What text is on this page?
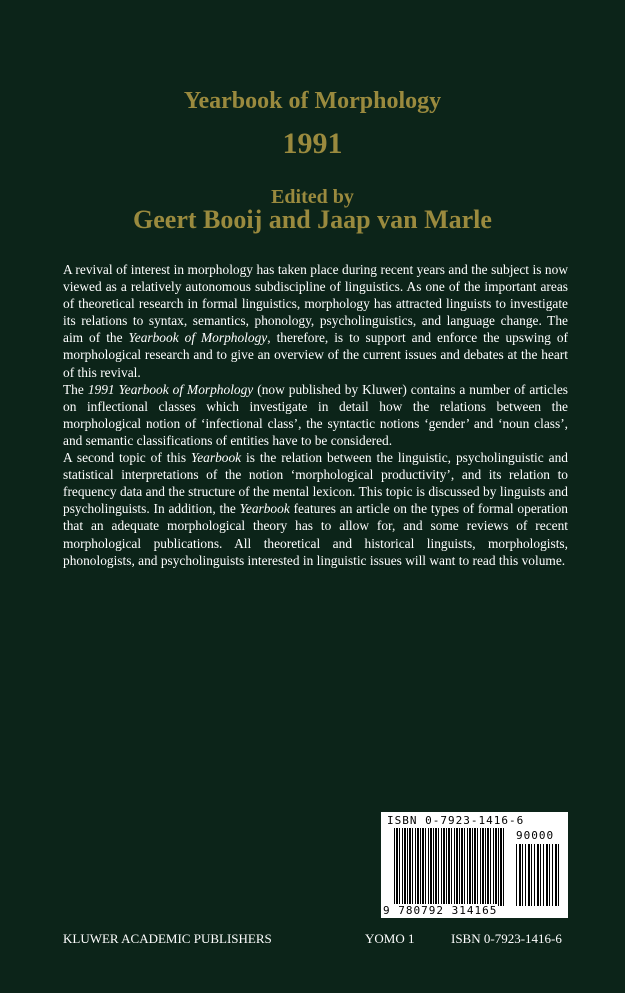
Yearbook of Morphology
1991
Edited by
Geert Booij and Jaap van Marle

A revival of interest in morphology has taken place during recent years and the subject is now viewed as a relatively autonomous subdiscipline of linguistics. As one of the important areas of theoretical research in formal linguistics, morphology has attracted linguists to investigate its relations to syntax, semantics, phonology, psycholinguistics, and language change. The aim of the Yearbook of Morphology, therefore, is to support and enforce the upswing of morphological research and to give an overview of the current issues and debates at the heart of this revival.

The 1991 Yearbook of Morphology (now published by Kluwer) contains a number of articles on inflectional classes which investigate in detail how the relations between the morphological notion of ‘infectional class’, the syntactic notions ‘gender’ and ‘noun class’, and semantic classifications of entities have to be considered.

A second topic of this Yearbook is the relation between the linguistic, psycholinguistic and statistical interpretations of the notion ‘morphological productivity’, and its relation to frequency data and the structure of the mental lexicon. This topic is discussed by linguists and psycholinguists. In addition, the Yearbook features an article on the types of formal operation that an adequate morphological theory has to allow for, and some reviews of recent morphological publications. All theoretical and historical linguists, morphologists, phonologists, and psycholinguists interested in linguistic issues will want to read this volume.

ISBN 0-7923-1416-6
90000
9 780792 314165
KLUWER ACADEMIC PUBLISHERS	YOMO 1	ISBN 0-7923-1416-6
